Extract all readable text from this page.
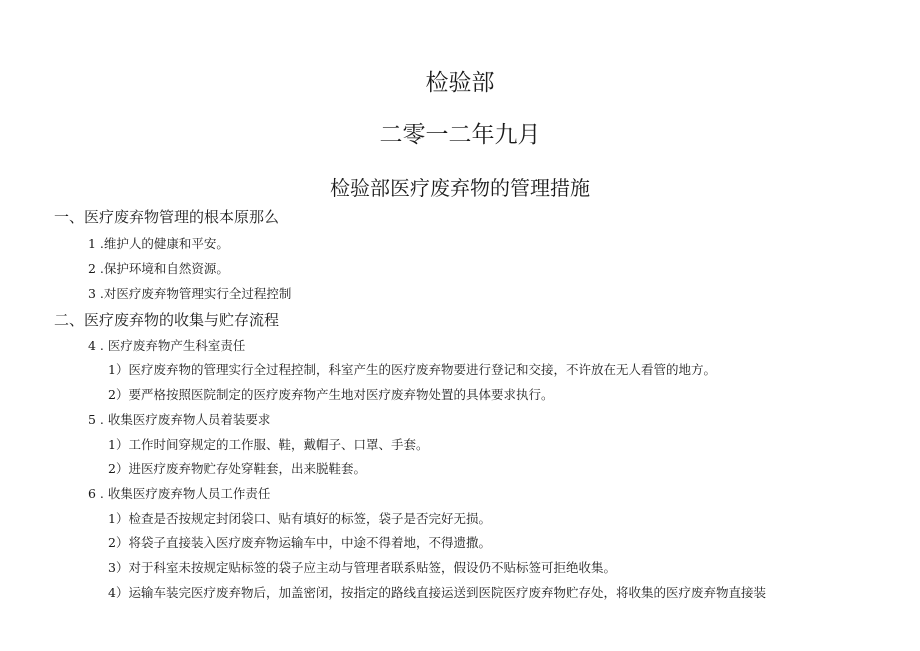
检验部
二零一二年九月
检验部医疗废弃物的管理措施
一、医疗废弃物管理的根本原那么
1 .维护人的健康和平安。
2 .保护环境和自然资源。
3 .对医疗废弃物管理实行全过程控制
二、医疗废弃物的收集与贮存流程
4 . 医疗废弃物产生科室责任
1）医疗废弃物的管理实行全过程控制，科室产生的医疗废弃物要进行登记和交接，不许放在无人看管的地方。
2）要严格按照医院制定的医疗废弃物产生地对医疗废弃物处置的具体要求执行。
5 . 收集医疗废弃物人员着装要求
1）工作时间穿规定的工作服、鞋，戴帽子、口罩、手套。
2）进医疗废弃物贮存处穿鞋套，出来脱鞋套。
6 . 收集医疗废弃物人员工作责任
1）检查是否按规定封闭袋口、贴有填好的标签，袋子是否完好无损。
2）将袋子直接装入医疗废弃物运输车中，中途不得着地，不得遗撒。
3）对于科室未按规定贴标签的袋子应主动与管理者联系贴签，假设仍不贴标签可拒绝收集。
4）运输车装完医疗废弃物后，加盖密闭，按指定的路线直接运送到医院医疗废弃物贮存处，将收集的医疗废弃物直接装
